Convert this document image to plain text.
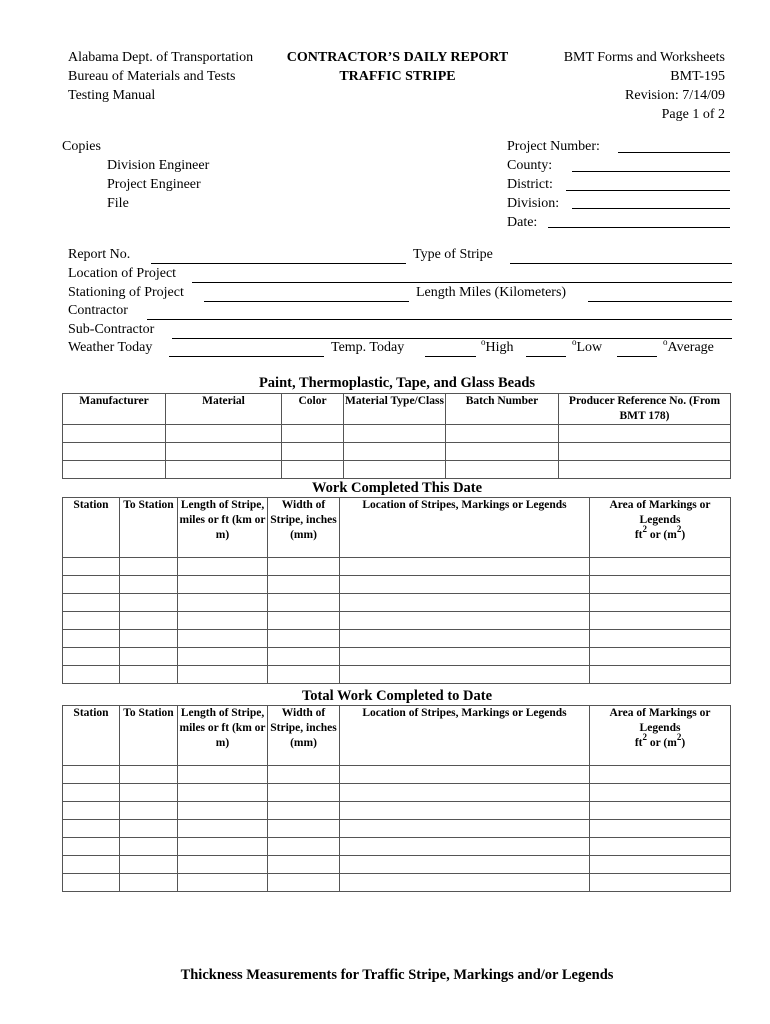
Alabama Dept. of Transportation
Bureau of Materials and Tests
Testing Manual
CONTRACTOR’S DAILY REPORT
TRAFFIC STRIPE
BMT Forms and Worksheets
BMT-195
Revision: 7/14/09
Page 1 of 2
Copies
Division Engineer
Project Engineer
File
Project Number:
County:
District:
Division:
Date:
Report No.	Type of Stripe
Location of Project
Stationing of Project	Length Miles (Kilometers)
Contractor
Sub-Contractor
Weather Today	Temp. Today	$^o$High	$^o$Low	$^o$Average
Paint, Thermoplastic, Tape, and Glass Beads
Manufacturer	Material	Color	Material Type/Class	Batch Number	Producer Reference No. (From BMT 178)

Work Completed This Date
Station	To Station	Length of Stripe, miles or ft (km or m)	Width of Stripe, inches (mm)	Location of Stripes, Markings or Legends	Area of Markings or Legends
$ft^2$ or $(m^2)$

Total Work Completed to Date
Station	To Station	Length of Stripe, miles or ft (km or m)	Width of Stripe, inches (mm)	Location of Stripes, Markings or Legends	Area of Markings or Legends
$ft^2$ or $(m^2)$

Thickness Measurements for Traffic Stripe, Markings and/or Legends
